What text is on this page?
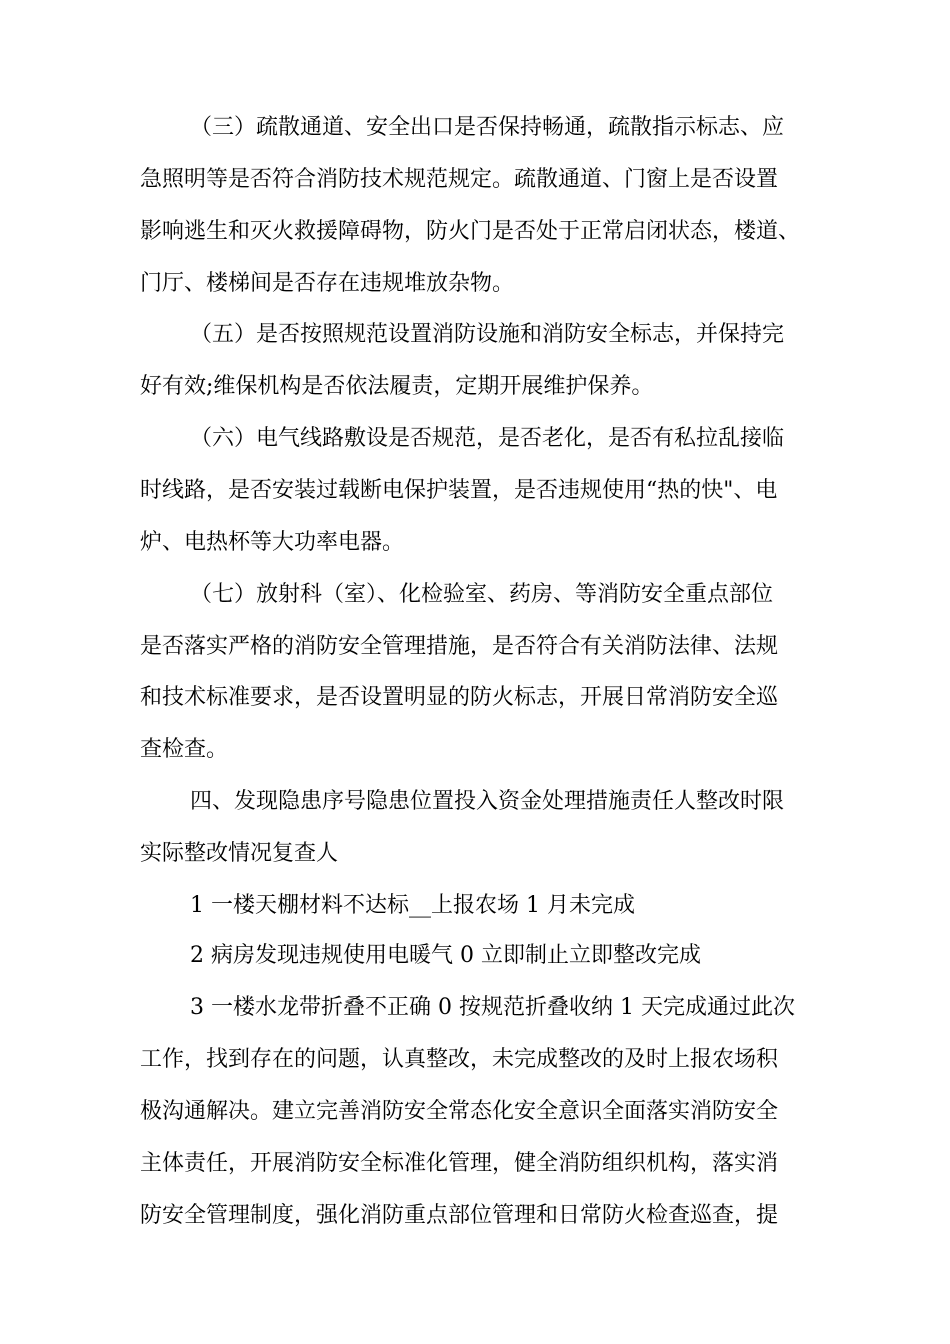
（三）疏散通道、安全出口是否保持畅通，疏散指示标志、应
急照明等是否符合消防技术规范规定。疏散通道、门窗上是否设置
影响逃生和灭火救援障碍物，防火门是否处于正常启闭状态，楼道、
门厅、楼梯间是否存在违规堆放杂物。
（五）是否按照规范设置消防设施和消防安全标志，并保持完
好有效;维保机构是否依法履责，定期开展维护保养。
（六）电气线路敷设是否规范，是否老化，是否有私拉乱接临
时线路，是否安装过载断电保护装置，是否违规使用“热的快"、电
炉、电热杯等大功率电器。
（七）放射科（室）、化检验室、药房、等消防安全重点部位
是否落实严格的消防安全管理措施，是否符合有关消防法律、法规
和技术标准要求，是否设置明显的防火标志，开展日常消防安全巡
查检查。
四、发现隐患序号隐患位置投入资金处理措施责任人整改时限
实际整改情况复查人
1 一楼天棚材料不达标__上报农场 1 月未完成
2 病房发现违规使用电暖气 0 立即制止立即整改完成
3 一楼水龙带折叠不正确 0 按规范折叠收纳 1 天完成通过此次
工作，找到存在的问题，认真整改，未完成整改的及时上报农场积
极沟通解决。建立完善消防安全常态化安全意识全面落实消防安全
主体责任，开展消防安全标准化管理，健全消防组织机构，落实消
防安全管理制度，强化消防重点部位管理和日常防火检查巡查，提
